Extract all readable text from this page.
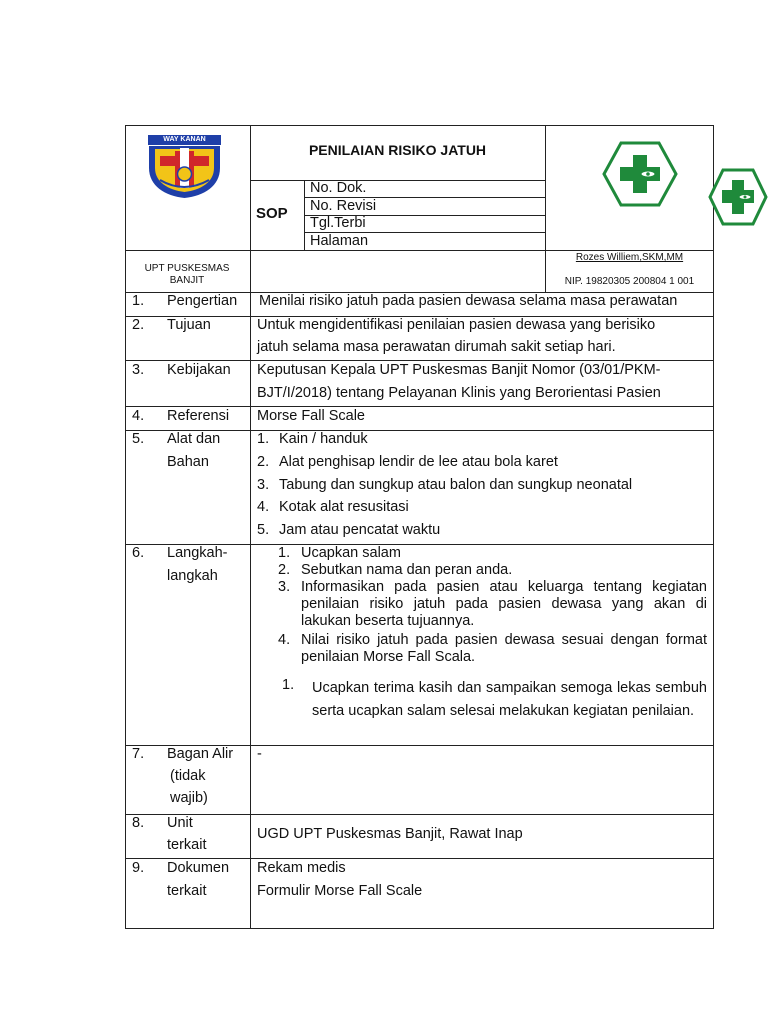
WAY KANAN
PENILAIAN RISIKO JATUH
SOP
No. Dok.
No. Revisi
Tgl.Terbi
Halaman
UPT PUSKESMAS BANJIT
Rozes Williem,SKM,MM
NIP. 19820305 200804 1 001
1. Pengertian Menilai risiko jatuh pada pasien dewasa selama masa perawatan
2. Tujuan	Untuk mengidentifikasi penilaian pasien dewasa yang berisiko
jatuh selama masa perawatan dirumah sakit setiap hari.
3. Kebijakan Keputusan Kepala UPT Puskesmas Banjit Nomor (03/01/PKM-
BJT/I/2018) tentang Pelayanan Klinis yang Berorientasi Pasien
4. Referensi Morse Fall Scale
5. Alat dan
Bahan
1. Kain / handuk
2. Alat penghisap lendir de lee atau bola karet
3. Tabung dan sungkup atau balon dan sungkup neonatal
4. Kotak alat resusitasi
5. Jam atau pencatat waktu
6. Langkah-
langkah
1. Ucapkan salam
2. Sebutkan nama dan peran anda.
3. Informasikan pada pasien atau keluarga tentang kegiatan penilaian risiko jatuh pada pasien dewasa yang akan di lakukan beserta tujuannya.
4. Nilai risiko jatuh pada pasien dewasa sesuai dengan format penilaian Morse Fall Scala.
1. Ucapkan terima kasih dan sampaikan semoga lekas sembuh serta ucapkan salam selesai melakukan kegiatan penilaian.
7. Bagan Alir
(tidak
wajib)
-
8. Unit
terkait
UGD UPT Puskesmas Banjit, Rawat Inap
9. Dokumen
terkait
Rekam medis
Formulir Morse Fall Scale
